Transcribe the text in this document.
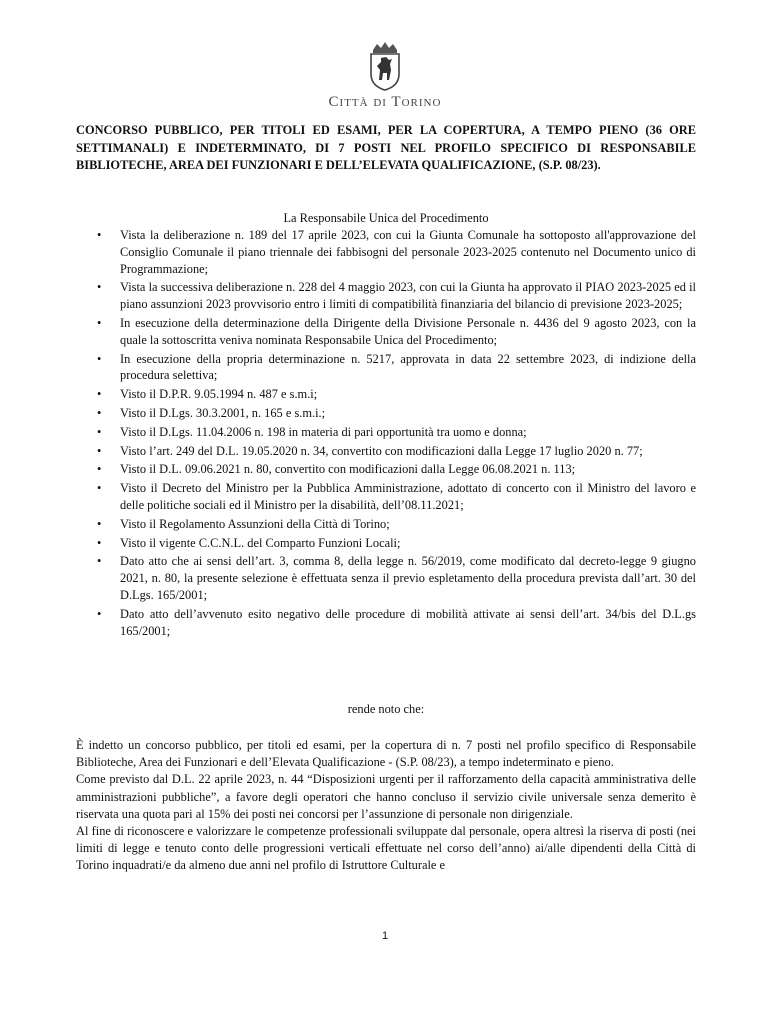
Città di Torino

CONCORSO PUBBLICO, PER TITOLI ED ESAMI, PER LA COPERTURA, A TEMPO PIENO (36 ORE SETTIMANALI) E INDETERMINATO, DI 7 POSTI NEL PROFILO SPECIFICO DI RESPONSABILE BIBLIOTECHE, AREA DEI FUNZIONARI E DELL’ELEVATA QUALIFICAZIONE, (S.P. 08/23).

La Responsabile Unica del Procedimento

• Vista la deliberazione n. 189 del 17 aprile 2023, con cui la Giunta Comunale ha sottoposto all'approvazione del Consiglio Comunale il piano triennale dei fabbisogni del personale 2023-2025 contenuto nel Documento unico di Programmazione;
• Vista la successiva deliberazione n. 228 del 4 maggio 2023, con cui la Giunta ha approvato il PIAO 2023-2025 ed il piano assunzioni 2023 provvisorio entro i limiti di compatibilità finanziaria del bilancio di previsione 2023-2025;
• In esecuzione della determinazione della Dirigente della Divisione Personale n. 4436 del 9 agosto 2023, con la quale la sottoscritta veniva nominata Responsabile Unica del Procedimento;
• In esecuzione della propria determinazione n. 5217, approvata in data 22 settembre 2023, di indizione della procedura selettiva;
• Visto il D.P.R. 9.05.1994 n. 487 e s.m.i;
• Visto il D.Lgs. 30.3.2001, n. 165 e s.m.i.;
• Visto il D.Lgs. 11.04.2006 n. 198 in materia di pari opportunità tra uomo e donna;
• Visto l’art. 249 del D.L. 19.05.2020 n. 34, convertito con modificazioni dalla Legge 17 luglio 2020 n. 77;
• Visto il D.L. 09.06.2021 n. 80, convertito con modificazioni dalla Legge 06.08.2021 n. 113;
• Visto il Decreto del Ministro per la Pubblica Amministrazione, adottato di concerto con il Ministro del lavoro e delle politiche sociali ed il Ministro per la disabilità, dell’08.11.2021;
• Visto il Regolamento Assunzioni della Città di Torino;
• Visto il vigente C.C.N.L. del Comparto Funzioni Locali;
• Dato atto che ai sensi dell’art. 3, comma 8, della legge n. 56/2019, come modificato dal decreto-legge 9 giugno 2021, n. 80, la presente selezione è effettuata senza il previo espletamento della procedura prevista dall’art. 30 del D.Lgs. 165/2001;
• Dato atto dell’avvenuto esito negativo delle procedure di mobilità attivate ai sensi dell’art. 34/bis del D.L.gs 165/2001;

rende noto che:

È indetto un concorso pubblico, per titoli ed esami, per la copertura di n. 7 posti nel profilo specifico di Responsabile Biblioteche, Area dei Funzionari e dell’Elevata Qualificazione - (S.P. 08/23), a tempo indeterminato e pieno.

Come previsto dal D.L. 22 aprile 2023, n. 44 “Disposizioni urgenti per il rafforzamento della capacità amministrativa delle amministrazioni pubbliche”, a favore degli operatori che hanno concluso il servizio civile universale senza demerito è riservata una quota pari al 15% dei posti nei concorsi per l’assunzione di personale non dirigenziale.

Al fine di riconoscere e valorizzare le competenze professionali sviluppate dal personale, opera altresì la riserva di posti (nei limiti di legge e tenuto conto delle progressioni verticali effettuate nel corso dell’anno) ai/alle dipendenti della Città di Torino inquadrati/e da almeno due anni nel profilo di Istruttore Culturale e

1
